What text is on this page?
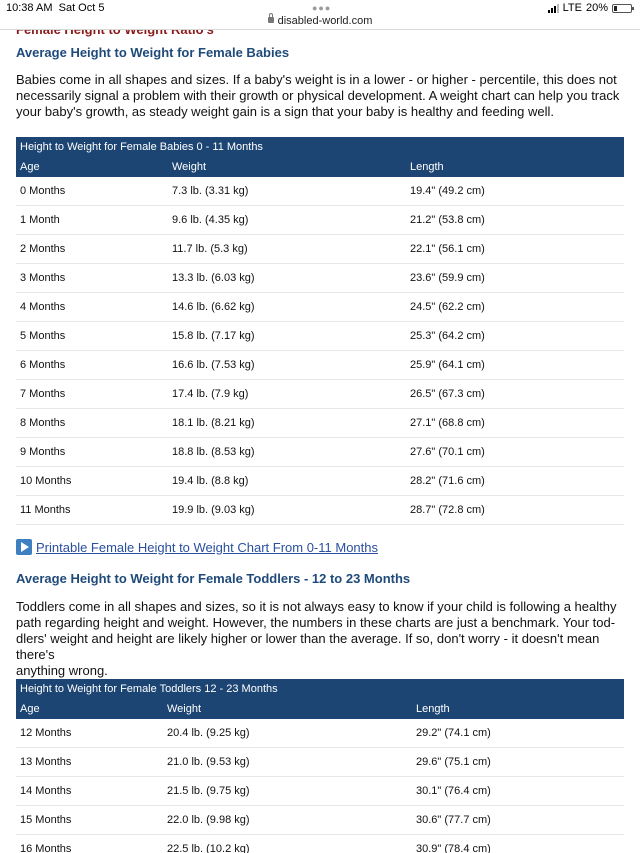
10:38 AM Sat Oct 5	●●●
disabled-world.com
LTE 20%
Average Height to Weight for Female Babies
Babies come in all shapes and sizes. If a baby's weight is in a lower - or higher - percentile, this does not
necessarily signal a problem with their growth or physical development. A weight chart can help you track
your baby's growth, as steady weight gain is a sign that your baby is healthy and feeding well.
Height to Weight for Female Babies 0 - 11 Months
Age	Weight	Length
0 Months	7.3 lb. (3.31 kg)	19.4" (49.2 cm)
1 Month	9.6 lb. (4.35 kg)	21.2" (53.8 cm)
2 Months	11.7 lb. (5.3 kg)	22.1" (56.1 cm)
3 Months	13.3 lb. (6.03 kg)	23.6" (59.9 cm)
4 Months	14.6 lb. (6.62 kg)	24.5" (62.2 cm)
5 Months	15.8 lb. (7.17 kg)	25.3" (64.2 cm)
6 Months	16.6 lb. (7.53 kg)	25.9" (64.1 cm)
7 Months	17.4 lb. (7.9 kg)	26.5" (67.3 cm)
8 Months	18.1 lb. (8.21 kg)	27.1" (68.8 cm)
9 Months	18.8 lb. (8.53 kg)	27.6" (70.1 cm)
10 Months	19.4 lb. (8.8 kg)	28.2" (71.6 cm)
11 Months	19.9 lb. (9.03 kg)	28.7" (72.8 cm)
Printable Female Height to Weight Chart From 0-11 Months
Average Height to Weight for Female Toddlers - 12 to 23 Months
Toddlers come in all shapes and sizes, so it is not always easy to know if your child is following a healthy
path regarding height and weight. However, the numbers in these charts are just a benchmark. Your tod-
dlers' weight and height are likely higher or lower than the average. If so, don't worry - it doesn't mean there's
anything wrong.
Height to Weight for Female Toddlers 12 - 23 Months
Age	Weight	Length
12 Months	20.4 lb. (9.25 kg)	29.2" (74.1 cm)
13 Months	21.0 lb. (9.53 kg)	29.6" (75.1 cm)
14 Months	21.5 lb. (9.75 kg)	30.1" (76.4 cm)
15 Months	22.0 lb. (9.98 kg)	30.6" (77.7 cm)
16 Months	22.5 lb. (10.2 kg)	30.9" (78.4 cm)
